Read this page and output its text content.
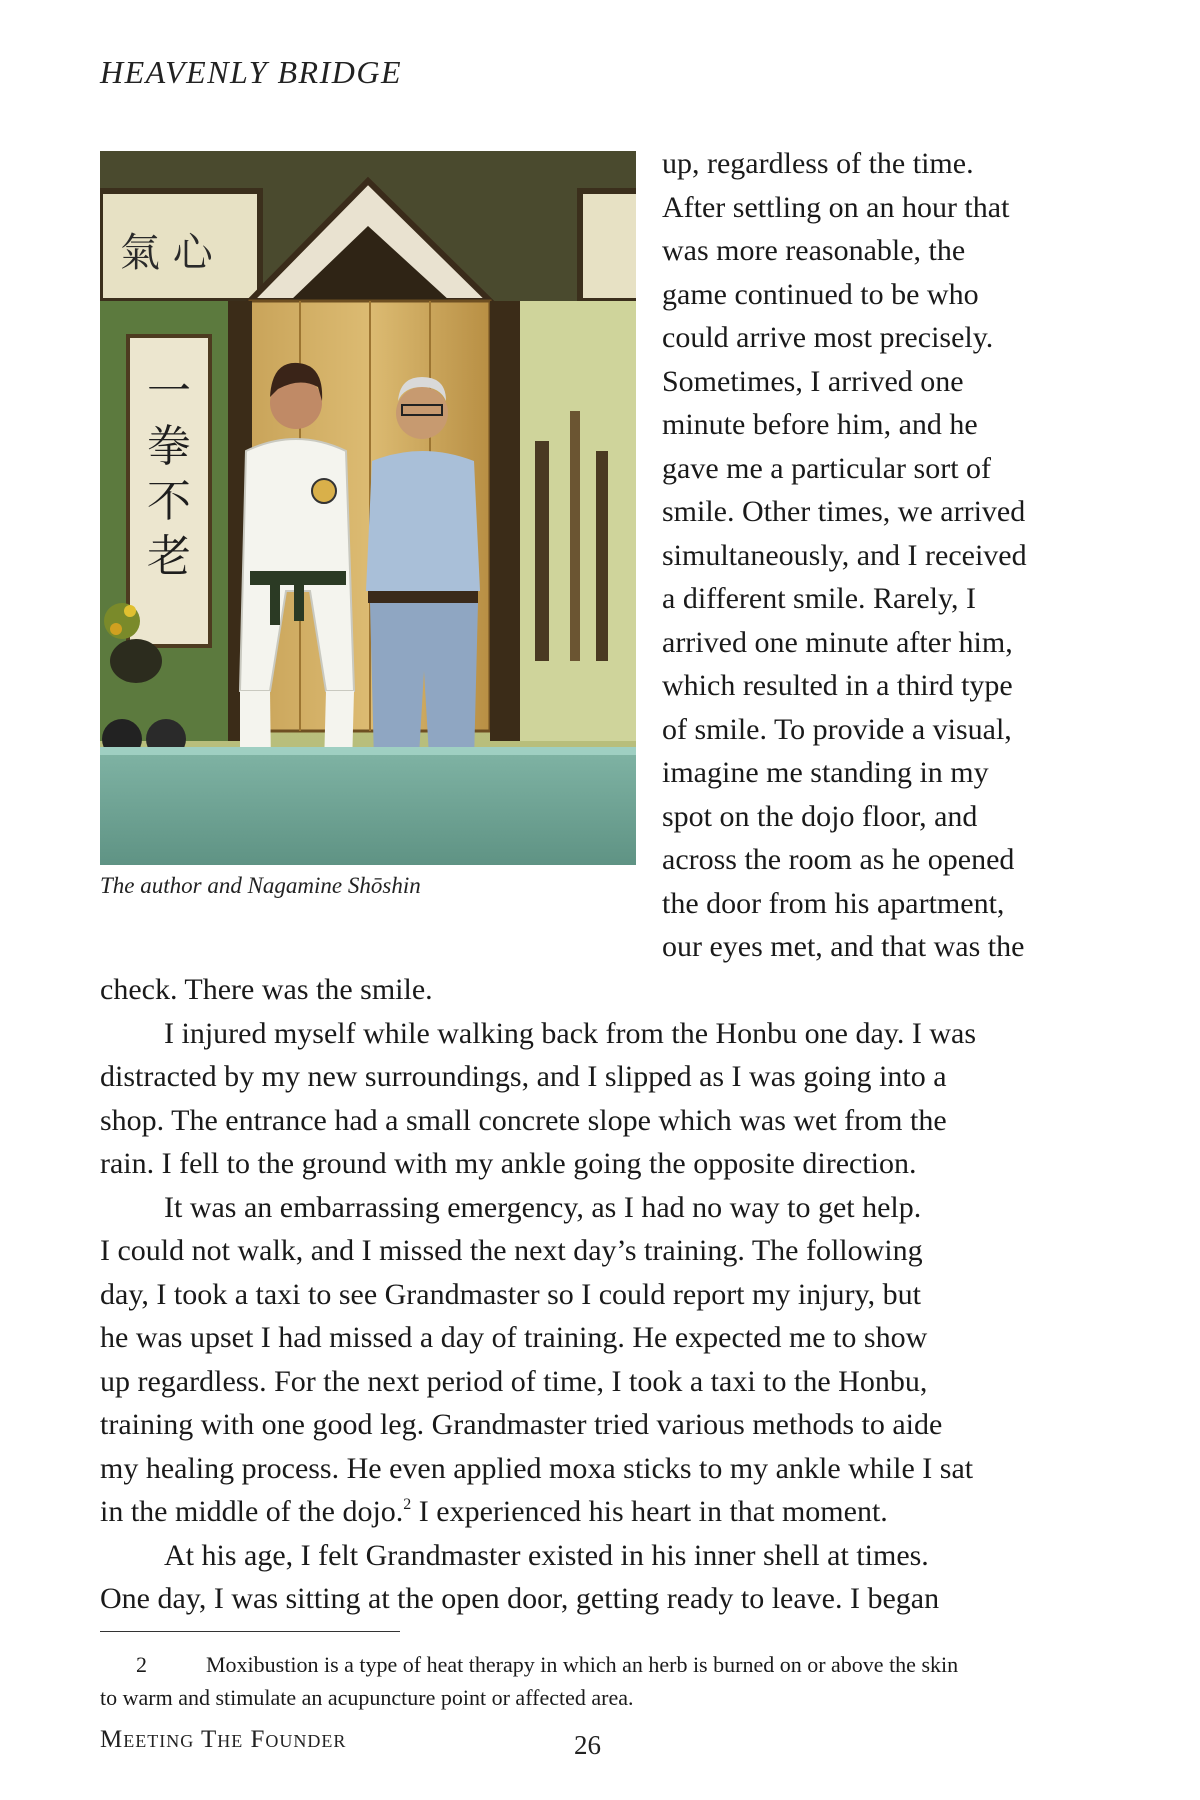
HEAVENLY BRIDGE
氣 心
一
拳
不
老
The author and Nagamine Shōshin
up, regardless of the time.
After settling on an hour that
was more reasonable, the
game continued to be who
could arrive most precisely.
Sometimes, I arrived one
minute before him, and he
gave me a particular sort of
smile. Other times, we arrived
simultaneously, and I received
a different smile. Rarely, I
arrived one minute after him,
which resulted in a third type
of smile. To provide a visual,
imagine me standing in my
spot on the dojo floor, and
across the room as he opened
the door from his apartment,
our eyes met, and that was the
check. There was the smile.
I injured myself while walking back from the Honbu one day. I was
distracted by my new surroundings, and I slipped as I was going into a
shop. The entrance had a small concrete slope which was wet from the
rain. I fell to the ground with my ankle going the opposite direction.
It was an embarrassing emergency, as I had no way to get help.
I could not walk, and I missed the next day’s training. The following
day, I took a taxi to see Grandmaster so I could report my injury, but
he was upset I had missed a day of training. He expected me to show
up regardless. For the next period of time, I took a taxi to the Honbu,
training with one good leg. Grandmaster tried various methods to aide
my healing process. He even applied moxa sticks to my ankle while I sat
in the middle of the dojo.$^2$ I experienced his heart in that moment.
At his age, I felt Grandmaster existed in his inner shell at times.
One day, I was sitting at the open door, getting ready to leave. I began
2	Moxibustion is a type of heat therapy in which an herb is burned on or above the skin
to warm and stimulate an acupuncture point or affected area.
Meeting The Founder	26
